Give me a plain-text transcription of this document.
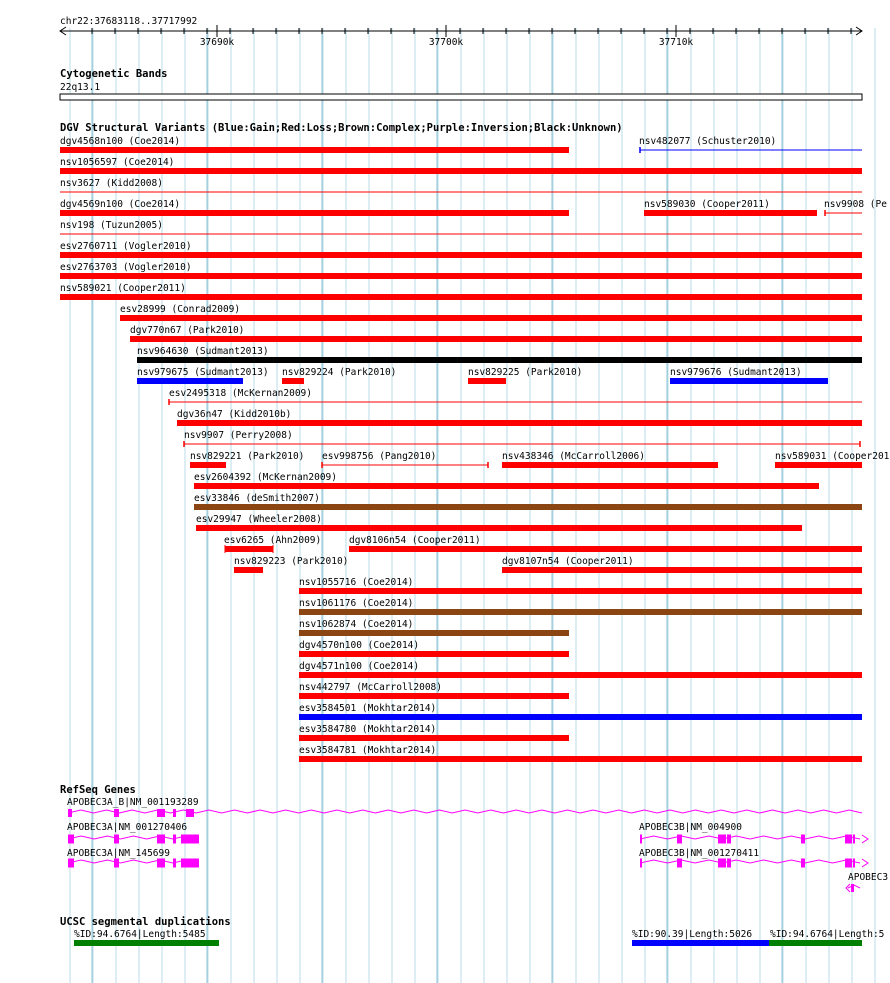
chr22:37683118..37717992
37690k	37700k	37710k
Cytogenetic Bands
22q13.1
DGV Structural Variants (Blue:Gain;Red:Loss;Brown:Complex;Purple:Inversion;Black:Unknown)
dgv4568n100 (Coe2014)	nsv482077 (Schuster2010)
nsv1056597 (Coe2014)
nsv3627 (Kidd2008)
dgv4569n100 (Coe2014)	nsv589030 (Cooper2011)	nsv9908 (Pe
nsv198 (Tuzun2005)
esv2760711 (Vogler2010)
esv2763703 (Vogler2010)
nsv589021 (Cooper2011)
esv28999 (Conrad2009)
dgv770n67 (Park2010)
nsv964630 (Sudmant2013)
nsv979675 (Sudmant2013) nsv829224 (Park2010)	nsv829225 (Park2010)	nsv979676 (Sudmant2013)
esv2495318 (McKernan2009)
dgv36n47 (Kidd2010b)
nsv9907 (Perry2008)
nsv829221 (Park2010) esv998756 (Pang2010)	nsv438346 (McCarroll2006)	nsv589031 (Cooper201
esv2604392 (McKernan2009)
esv33846 (deSmith2007)
esv29947 (Wheeler2008)
esv6265 (Ahn2009)	dgv8106n54 (Cooper2011)
nsv829223 (Park2010)	dgv8107n54 (Cooper2011)
nsv1055716 (Coe2014)
nsv1061176 (Coe2014)
nsv1062874 (Coe2014)
dgv4570n100 (Coe2014)
dgv4571n100 (Coe2014)
nsv442797 (McCarroll2008)
esv3584501 (Mokhtar2014)
esv3584780 (Mokhtar2014)
esv3584781 (Mokhtar2014)
RefSeq Genes
APOBEC3A_B|NM_001193289
APOBEC3A|NM_001270406
APOBEC3A|NM_145699
APOBEC3B|NM_004900
APOBEC3B|NM_001270411
APOBEC3
UCSC segmental duplications
%ID:94.6764|Length:5485	%ID:90.39|Length:5026 %ID:94.6764|Length:5
